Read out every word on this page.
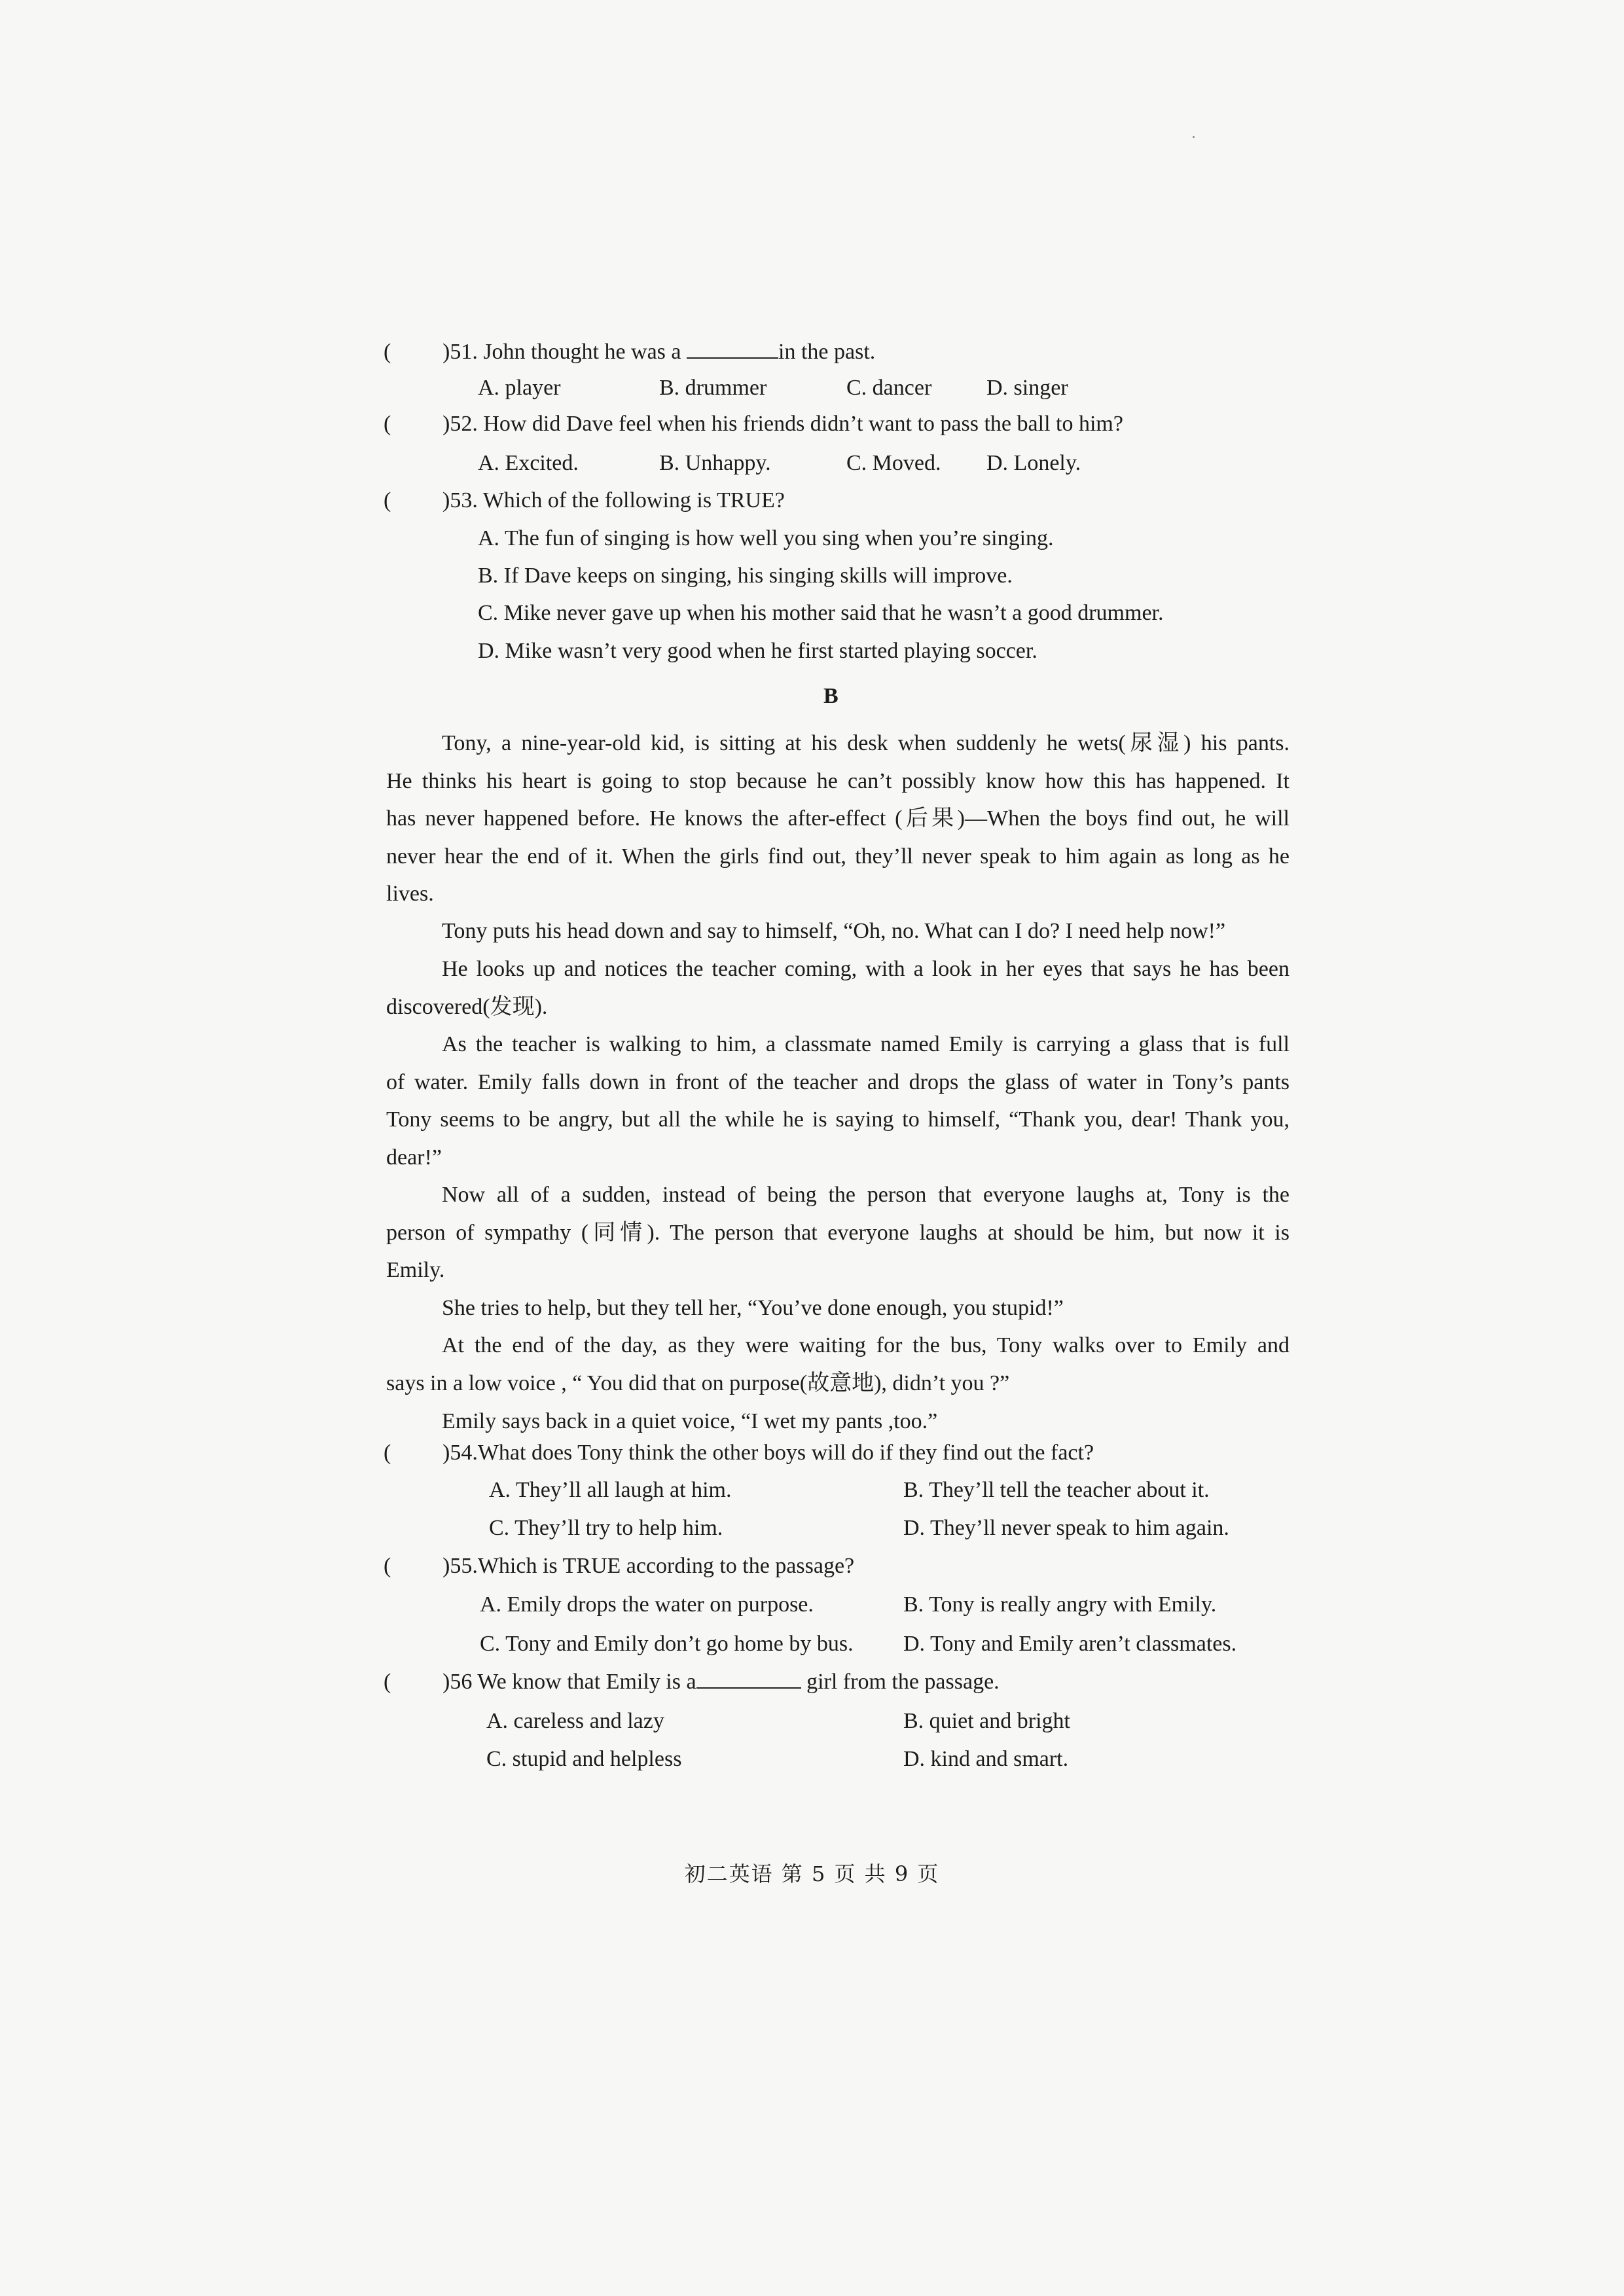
( )51. John thought he was a	in the past.
A. player	B. drummer	C. dancer D. singer
( )52. How did Dave feel when his friends didn’t want to pass the ball to him?
A. Excited.	B. Unhappy.	C. Moved. D. Lonely.
( )53. Which of the following is TRUE?
A. The fun of singing is how well you sing when you’re singing.
B. If Dave keeps on singing, his singing skills will improve.
C. Mike never gave up when his mother said that he wasn’t a good drummer.
D. Mike wasn’t very good when he first started playing soccer.
B
Tony, a nine-year-old kid, is sitting at his desk when suddenly he wets(尿湿) his pants.
He thinks his heart is going to stop because he can’t possibly know how this has happened. It
has never happened before. He knows the after-effect (后果)—When the boys find out, he will
never hear the end of it. When the girls find out, they’ll never speak to him again as long as he
lives.
Tony puts his head down and say to himself, “Oh, no. What can I do? I need help now!”
He looks up and notices the teacher coming, with a look in her eyes that says he has been
discovered(发现).
As the teacher is walking to him, a classmate named Emily is carrying a glass that is full
of water. Emily falls down in front of the teacher and drops the glass of water in Tony’s pants
Tony seems to be angry, but all the while he is saying to himself, “Thank you, dear! Thank you,
dear!”
Now all of a sudden, instead of being the person that everyone laughs at, Tony is the
person of sympathy (同情). The person that everyone laughs at should be him, but now it is
Emily.
She tries to help, but they tell her, “You’ve done enough, you stupid!”
At the end of the day, as they were waiting for the bus, Tony walks over to Emily and
says in a low voice , “ You did that on purpose(故意地), didn’t you ?”
Emily says back in a quiet voice, “I wet my pants ,too.”
( )54.What does Tony think the other boys will do if they find out the fact?
A. They’ll all laugh at him.	B. They’ll tell the teacher about it.
C. They’ll try to help him.	D. They’ll never speak to him again.
( )55.Which is TRUE according to the passage?
A. Emily drops the water on purpose.	B. Tony is really angry with Emily.
C. Tony and Emily don’t go home by bus. D. Tony and Emily aren’t classmates.
( )56 We know that Emily is a	girl from the passage.
A. careless and lazy	B. quiet and bright
C. stupid and helpless	D. kind and smart.
初二英语 第 5 页 共 9 页
